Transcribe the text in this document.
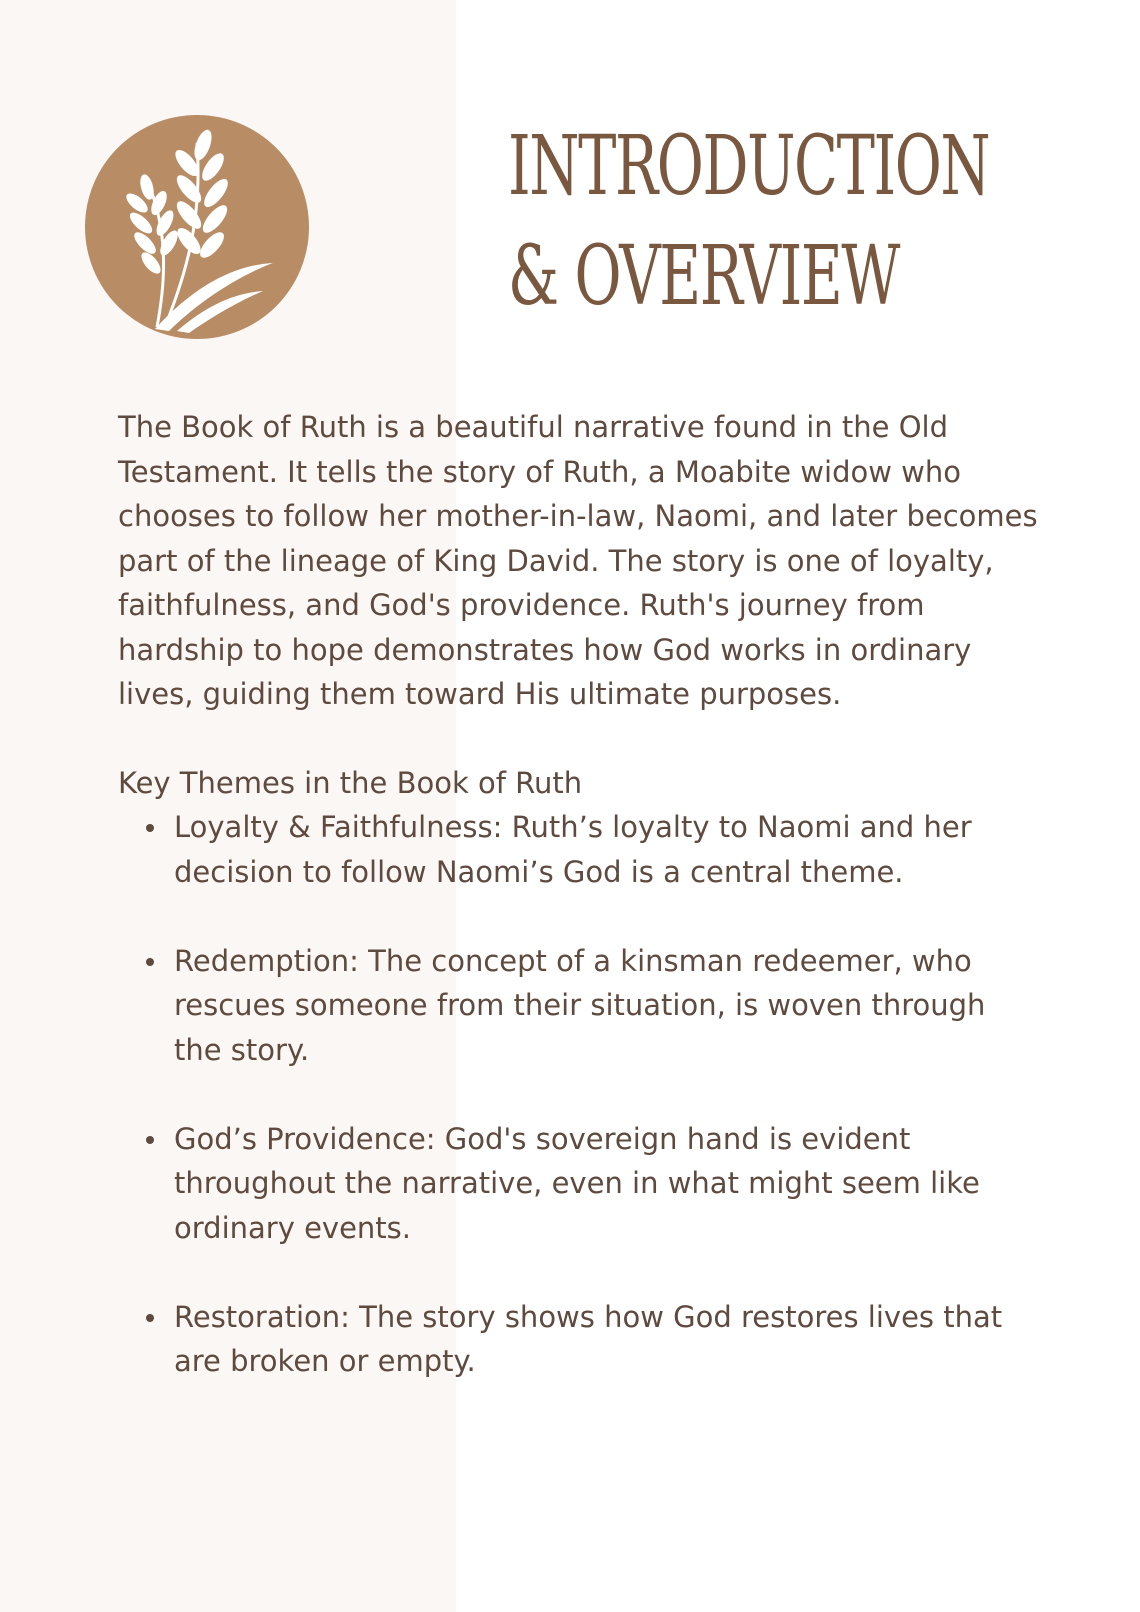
INTRODUCTION
& OVERVIEW

The Book of Ruth is a beautiful narrative found in the Old Testament. It tells the story of Ruth, a Moabite widow who chooses to follow her mother-in-law, Naomi, and later becomes part of the lineage of King David. The story is one of loyalty, faithfulness, and God's providence. Ruth's journey from hardship to hope demonstrates how God works in ordinary lives, guiding them toward His ultimate purposes.

Key Themes in the Book of Ruth
Loyalty & Faithfulness: Ruth’s loyalty to Naomi and her decision to follow Naomi’s God is a central theme.
Redemption: The concept of a kinsman redeemer, who rescues someone from their situation, is woven through the story.
God’s Providence: God's sovereign hand is evident throughout the narrative, even in what might seem like ordinary events.
Restoration: The story shows how God restores lives that are broken or empty.
